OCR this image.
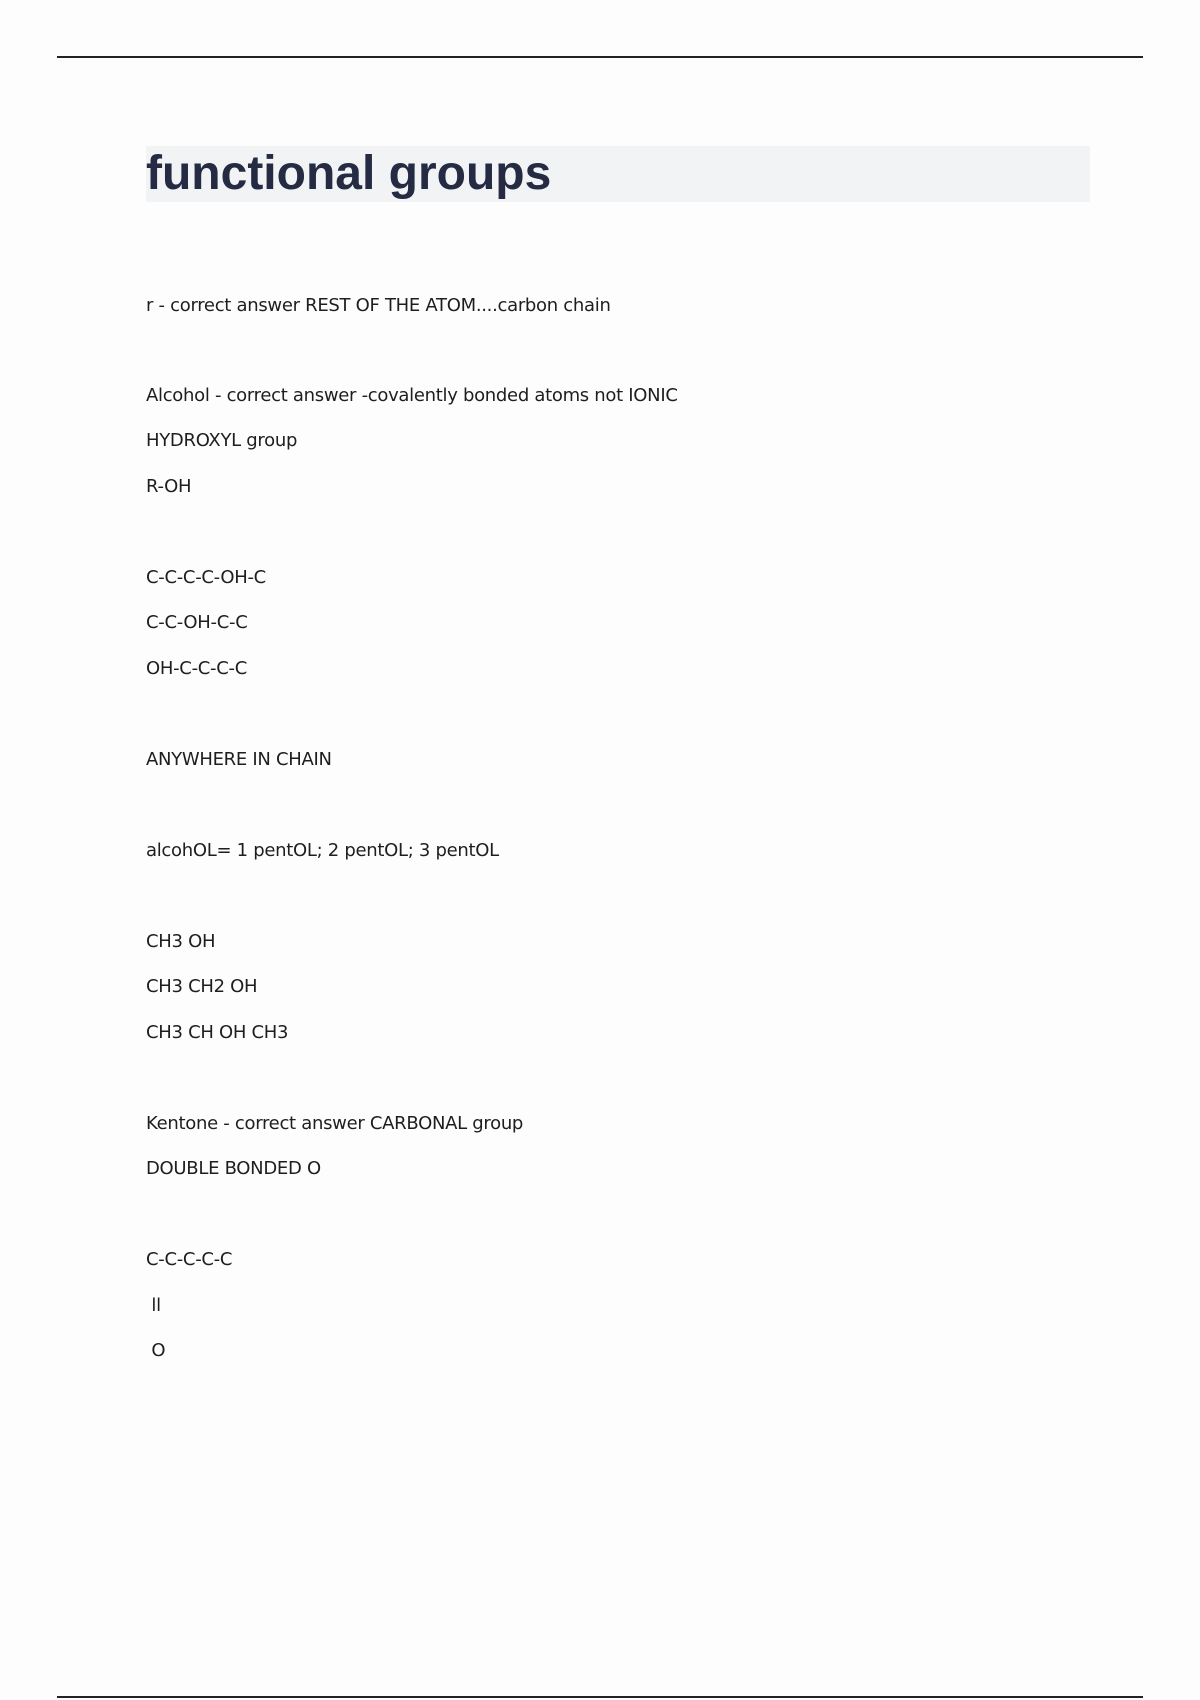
functional groups

r - correct answer REST OF THE ATOM....carbon chain

Alcohol - correct answer -covalently bonded atoms not IONIC

HYDROXYL group

R-OH

C-C-C-C-OH-C

C-C-OH-C-C

OH-C-C-C-C

ANYWHERE IN CHAIN

alcohOL= 1 pentOL; 2 pentOL; 3 pentOL

CH3 OH

CH3 CH2 OH

CH3 CH OH CH3

Kentone - correct answer CARBONAL group

DOUBLE BONDED O

C-C-C-C-C

ll

O
